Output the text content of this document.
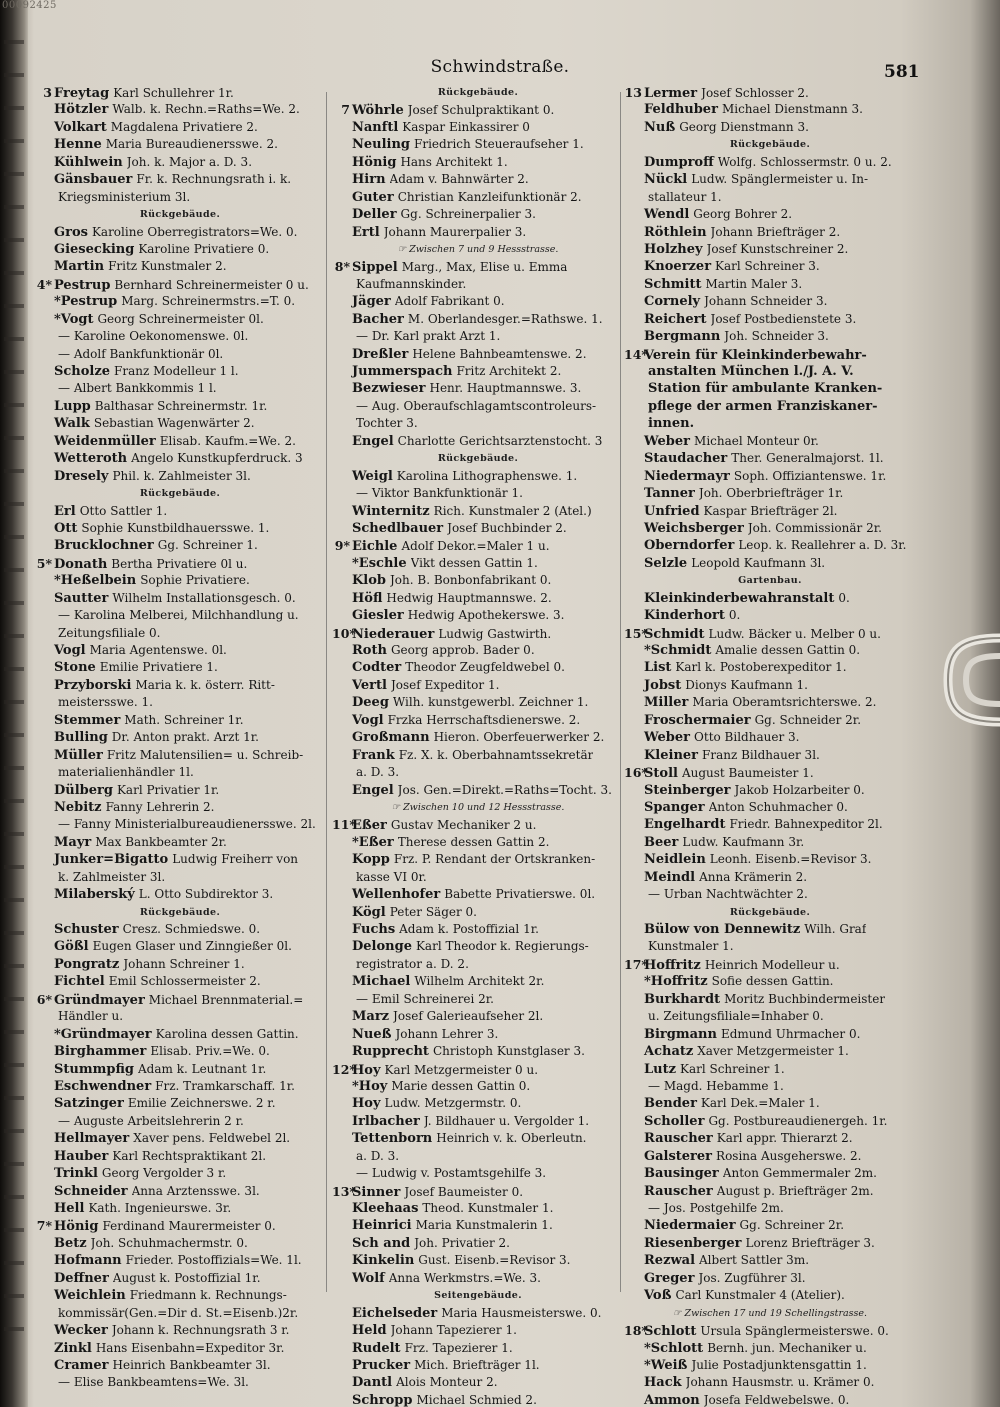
00092425
Schwindstraße.	581
3 Freytag Karl Schullehrer 1r.
Hötzler Walb. k. Rechn.=Raths=We. 2.
Volkart Magdalena Privatiere 2.
Henne Maria Bureaudienersswe. 2.
Kühlwein Joh. k. Major a. D. 3.
Gänsbauer Fr. k. Rechnungsrath i. k.
Kriegsministerium 3l.
Rückgebäude.
Gros Karoline Oberregistrators=We. 0.
Giesecking Karoline Privatiere 0.
Martin Fritz Kunstmaler 2.
4* Pestrup Bernhard Schreinermeister 0 u.
*Pestrup Marg. Schreinermstrs.=T. 0.
*Vogt Georg Schreinermeister 0l.
— Karoline Oekonomenswe. 0l.
— Adolf Bankfunktionär 0l.
Scholze Franz Modelleur 1 l.
— Albert Bankkommis 1 l.
Lupp Balthasar Schreinermstr. 1r.
Walk Sebastian Wagenwärter 2.
Weidenmüller Elisab. Kaufm.=We. 2.
Wetteroth Angelo Kunstkupferdruck. 3
Dresely Phil. k. Zahlmeister 3l.
Rückgebäude.
Erl Otto Sattler 1.
Ott Sophie Kunstbildhauersswe. 1.
Brucklochner Gg. Schreiner 1.
5* Donath Bertha Privatiere 0l u.
*Heßelbein Sophie Privatiere.
Sautter Wilhelm Installationsgesch. 0.
— Karolina Melberei, Milchhandlung u.
Zeitungsfiliale 0.
Vogl Maria Agentenswe. 0l.
Stone Emilie Privatiere 1.
Przyborski Maria k. k. österr. Ritt-
meistersswe. 1.
Stemmer Math. Schreiner 1r.
Bulling Dr. Anton prakt. Arzt 1r.
Müller Fritz Malutensilien= u. Schreib-
materialienhändler 1l.
Dülberg Karl Privatier 1r.
Nebitz Fanny Lehrerin 2.
— Fanny Ministerialbureaudienersswe. 2l.
Mayr Max Bankbeamter 2r.
Junker=Bigatto Ludwig Freiherr von
k. Zahlmeister 3l.
Milaberský L. Otto Subdirektor 3.
Rückgebäude.
Schuster Cresz. Schmiedswe. 0.
Gößl Eugen Glaser und Zinngießer 0l.
Pongratz Johann Schreiner 1.
Fichtel Emil Schlossermeister 2.
6* Gründmayer Michael Brennmaterial.=
Händler u.
*Gründmayer Karolina dessen Gattin.
Birghammer Elisab. Priv.=We. 0.
Stummpfig Adam k. Leutnant 1r.
Eschwendner Frz. Tramkarschaff. 1r.
Satzinger Emilie Zeichnerswe. 2 r.
— Auguste Arbeitslehrerin 2 r.
Hellmayer Xaver pens. Feldwebel 2l.
Hauber Karl Rechtspraktikant 2l.
Trinkl Georg Vergolder 3 r.
Schneider Anna Arztensswe. 3l.
Hell Kath. Ingenieurswe. 3r.
7* Hönig Ferdinand Maurermeister 0.
Betz Joh. Schuhmachermstr. 0.
Hofmann Frieder. Postoffizials=We. 1l.
Deffner August k. Postoffizial 1r.
Weichlein Friedmann k. Rechnungs-
kommissär(Gen.=Dir d. St.=Eisenb.)2r.
Wecker Johann k. Rechnungsrath 3 r.
Zinkl Hans Eisenbahn=Expeditor 3r.
Cramer Heinrich Bankbeamter 3l.
— Elise Bankbeamtens=We. 3l.
Rückgebäude.
7 Wöhrle Josef Schulpraktikant 0.
Nanftl Kaspar Einkassirer 0
Neuling Friedrich Steueraufseher 1.
Hönig Hans Architekt 1.
Hirn Adam v. Bahnwärter 2.
Guter Christian Kanzleifunktionär 2.
Deller Gg. Schreinerpalier 3.
Ertl Johann Maurerpalier 3.
☞ Zwischen 7 und 9 Hessstrasse.
8* Sippel Marg., Max, Elise u. Emma
Kaufmannskinder.
Jäger Adolf Fabrikant 0.
Bacher M. Oberlandesger.=Rathswe. 1.
— Dr. Karl prakt Arzt 1.
Dreßler Helene Bahnbeamtenswe. 2.
Jummerspach Fritz Architekt 2.
Bezwieser Henr. Hauptmannswe. 3.
— Aug. Oberaufschlagamtscontroleurs-
Tochter 3.
Engel Charlotte Gerichtsarztenstocht. 3
Rückgebäude.
Weigl Karolina Lithographenswe. 1.
— Viktor Bankfunktionär 1.
Winternitz Rich. Kunstmaler 2 (Atel.)
Schedlbauer Josef Buchbinder 2.
9* Eichle Adolf Dekor.=Maler 1 u.
*Eschle Vikt dessen Gattin 1.
Klob Joh. B. Bonbonfabrikant 0.
Höfl Hedwig Hauptmannswe. 2.
Giesler Hedwig Apothekerswe. 3.
10*
Niederauer Ludwig Gastwirth.
Roth Georg approb. Bader 0.
Codter Theodor Zeugfeldwebel 0.
Vertl Josef Expeditor 1.
Deeg Wilh. kunstgewerbl. Zeichner 1.
Vogl Frzka Herrschaftsdienerswe. 2.
Großmann Hieron. Oberfeuerwerker 2.
Frank Fz. X. k. Oberbahnamtssekretär
a. D. 3.
Engel Jos. Gen.=Direkt.=Raths=Tocht. 3.
☞ Zwischen 10 und 12 Hessstrasse.
11*
Eßer Gustav Mechaniker 2 u.
*Eßer Therese dessen Gattin 2.
Kopp Frz. P. Rendant der Ortskranken-
kasse VI 0r.
Wellenhofer Babette Privatierswe. 0l.
Kögl Peter Säger 0.
Fuchs Adam k. Postoffizial 1r.
Delonge Karl Theodor k. Regierungs-
registrator a. D. 2.
Michael Wilhelm Architekt 2r.
— Emil Schreinerei 2r.
Marz Josef Galerieaufseher 2l.
Nueß Johann Lehrer 3.
Rupprecht Christoph Kunstglaser 3.
12*
Hoy Karl Metzgermeister 0 u.
*Hoy Marie dessen Gattin 0.
Hoy Ludw. Metzgermstr. 0.
Irlbacher J. Bildhauer u. Vergolder 1.
Tettenborn Heinrich v. k. Oberleutn.
a. D. 3.
— Ludwig v. Postamtsgehilfe 3.
13*
Sinner Josef Baumeister 0.
Kleehaas Theod. Kunstmaler 1.
Heinrici Maria Kunstmalerin 1.
Sch and Joh. Privatier 2.
Kinkelin Gust. Eisenb.=Revisor 3.
Wolf Anna Werkmstrs.=We. 3.
Seitengebäude.
Eichelseder Maria Hausmeisterswe. 0.
Held Johann Tapezierer 1.
Rudelt Frz. Tapezierer 1.
Prucker Mich. Briefträger 1l.
Dantl Alois Monteur 2.
Schropp Michael Schmied 2.
13 Lermer Josef Schlosser 2.
Feldhuber Michael Dienstmann 3.
Nuß Georg Dienstmann 3.
Rückgebäude.
Dumproff Wolfg. Schlossermstr. 0 u. 2.
Nückl Ludw. Spänglermeister u. In-
stallateur 1.
Wendl Georg Bohrer 2.
Röthlein Johann Briefträger 2.
Holzhey Josef Kunstschreiner 2.
Knoerzer Karl Schreiner 3.
Schmitt Martin Maler 3.
Cornely Johann Schneider 3.
Reichert Josef Postbedienstete 3.
Bergmann Joh. Schneider 3.
14*
Verein für Kleinkinderbewahr-
anstalten München l./J. A. V.
Station für ambulante Kranken-
pflege der armen Franziskaner-
innen.
Weber Michael Monteur 0r.
Staudacher Ther. Generalmajorst. 1l.
Niedermayr Soph. Offiziantenswe. 1r.
Tanner Joh. Oberbriefträger 1r.
Unfried Kaspar Briefträger 2l.
Weichsberger Joh. Commissionär 2r.
Oberndorfer Leop. k. Reallehrer a. D. 3r.
Selzle Leopold Kaufmann 3l.
Gartenbau.
Kleinkinderbewahranstalt 0.
Kinderhort 0.
15*
Schmidt Ludw. Bäcker u. Melber 0 u.
*Schmidt Amalie dessen Gattin 0.
List Karl k. Postoberexpeditor 1.
Jobst Dionys Kaufmann 1.
Miller Maria Oberamtsrichterswe. 2.
Froschermaier Gg. Schneider 2r.
Weber Otto Bildhauer 3.
Kleiner Franz Bildhauer 3l.
16*
Stoll August Baumeister 1.
Steinberger Jakob Holzarbeiter 0.
Spanger Anton Schuhmacher 0.
Engelhardt Friedr. Bahnexpeditor 2l.
Beer Ludw. Kaufmann 3r.
Neidlein Leonh. Eisenb.=Revisor 3.
Meindl Anna Krämerin 2.
— Urban Nachtwächter 2.
Rückgebäude.
Bülow von Dennewitz Wilh. Graf
Kunstmaler 1.
17*
Hoffritz Heinrich Modelleur u.
*Hoffritz Sofie dessen Gattin.
Burkhardt Moritz Buchbindermeister
u. Zeitungsfiliale=Inhaber 0.
Birgmann Edmund Uhrmacher 0.
Achatz Xaver Metzgermeister 1.
Lutz Karl Schreiner 1.
— Magd. Hebamme 1.
Bender Karl Dek.=Maler 1.
Scholler Gg. Postbureaudienergeh. 1r.
Rauscher Karl appr. Thierarzt 2.
Galsterer Rosina Ausgeherswe. 2.
Bausinger Anton Gemmermaler 2m.
Rauscher August p. Briefträger 2m.
— Jos. Postgehilfe 2m.
Niedermaier Gg. Schreiner 2r.
Riesenberger Lorenz Briefträger 3.
Rezwal Albert Sattler 3m.
Greger Jos. Zugführer 3l.
Voß Carl Kunstmaler 4 (Atelier).
☞ Zwischen 17 und 19 Schellingstrasse.
18*
Schlott Ursula Spänglermeisterswe. 0.
*Schlott Bernh. jun. Mechaniker u.
*Weiß Julie Postadjunktensgattin 1.
Hack Johann Hausmstr. u. Krämer 0.
Ammon Josefa Feldwebelswe. 0.
